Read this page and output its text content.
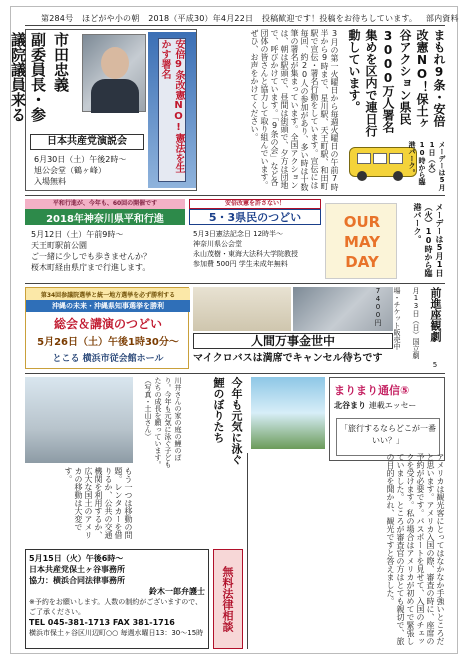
第284号 ほどがや小の朝 2018（平成30）年4月22日 投稿歓迎です！投稿をお待ちしています。 部内資料
副委員長・参議院議員来る	市田忠義
日本共産党演説会
6月30日（土）午後2時～
旭公会堂（鶴ヶ峰）
入場無料
安倍9条改憲NO!憲法を生かす署名	3月の第一火曜日から毎週火曜日の午前7時半から9時まで、星川駅、天王町駅、和田町駅で宣伝・署名行動をしています。宣伝には毎回、約20人の参加があり、多い時は十数筆の署名が集まっています。全国アクションは、朝は駅頭で、昼間は街頭で、夕方は団地で、呼びかけています。「9条の会」など各団体の皆さんと協力して取り組んでいます。ぜひ、お声をかけてください。	まもれ9条・安倍改憲NO！保土ヶ谷アクション県民3000万人署名集めを区内で連日行動しています。
メーデーは5月1日（火）10時から臨港パーク。
平和行進が、今年も、60回の開催です
2018年神奈川県平和行進
5月12日（土）午前9時～
天王町駅前公園
ご一緒に少しでも歩きませんか？
桜木町経由県庁まで行進します。
安倍改憲を許さない！
5・3県民のつどい
5月3日憲法記念日 12時半～
神奈川県公会堂
永山茂樹・東海大法科大学院教授
参加費 500円 学生未成年無料
OUR MAY DAY	メーデーは5月1日（火）10時から臨港パーク。
第34回参議院選挙と統一地方選挙を必ず勝利する
沖縄の未来・沖縄県知事選挙を勝利
総会＆講演のつどい
5月26日（土）午後1時30分～
とこる 横浜市従会館ホール
人間万事金世中
マイクロバスは満席でキャンセル待ちです
前進座観劇 5月13日（日）国立劇場・チケット販売中7400円
川井さんの家の庭の鯉のぼり。今年も元気に泳ぐ子どもたちの成長を願っています。（写真・土山さん）	今年も元気に泳ぐ鯉のぼりたち	まりまり通信⑤
北谷まり 連載エッセー
「旅行するならどこが一番いい？」
もう一つは移動の問題。レンタカーを借りるか、公共の交通機関を利用するか、広大な国土のアメリカの移動は大変です。	アメリカは観光客にとってはなかなか手強いところだと思います。アメリカ入国の際、審査の時に、座席の予約が必要です。パスポートを見せて、入国のチェックを受けます。私の場合はアメリカが初めてで緊張していました。ところが審査官の方はとても親切で、旅の目的を聞かれ、観光ですと答えました。
5月15日（火）午後6時～
日本共産党保土ヶ谷事務所
協力：横浜合同法律事務所
鈴木一郎弁護士
※予約をお願いします。人数の制約がございますので、ご了承ください。
TEL 045-381-1713 FAX 381-1716
横浜市保土ヶ谷区川辺町○○ 毎週水曜日13：30～15時
無料法律相談
